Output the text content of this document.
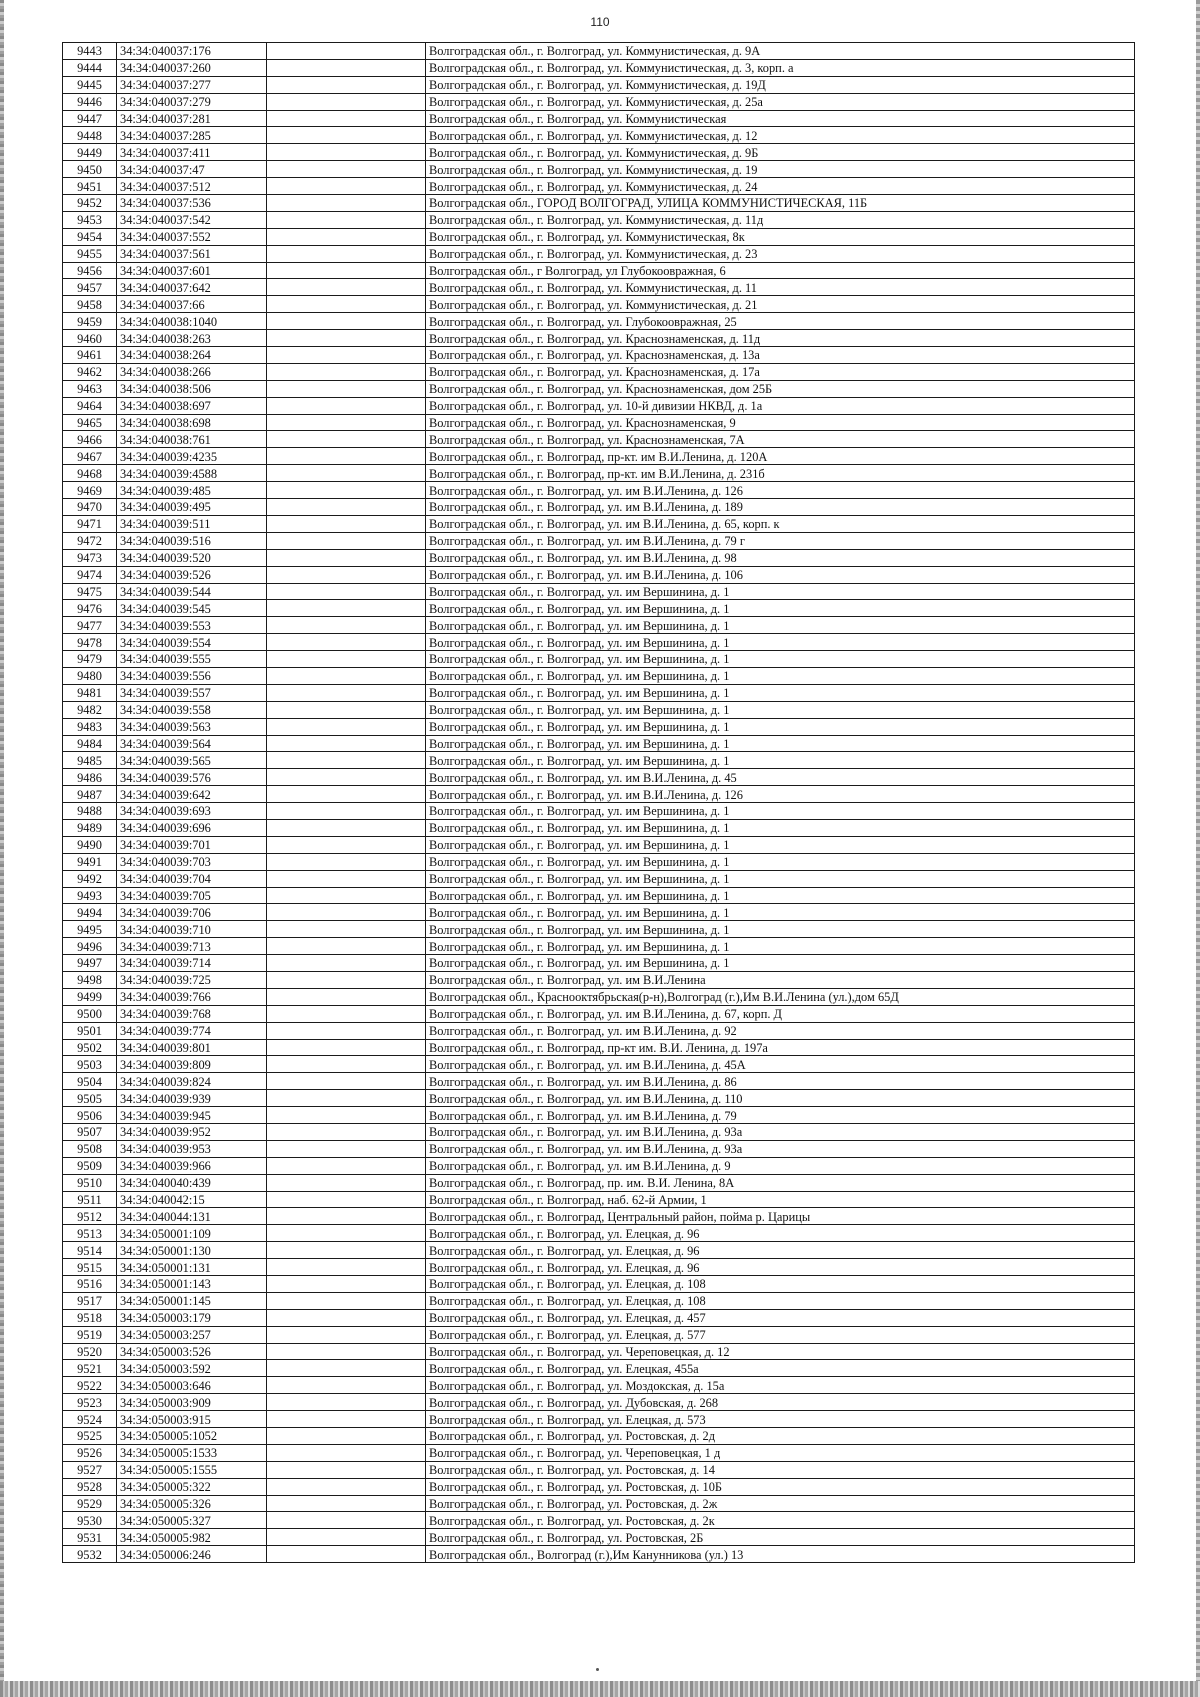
110
9443	34:34:040037:176		Волгоградская обл., г. Волгоград, ул. Коммунистическая, д. 9А
9444	34:34:040037:260		Волгоградская обл., г. Волгоград, ул. Коммунистическая, д. 3, корп. а
9445	34:34:040037:277		Волгоградская обл., г. Волгоград, ул. Коммунистическая, д. 19Д
9446	34:34:040037:279		Волгоградская обл., г. Волгоград, ул. Коммунистическая, д. 25а
9447	34:34:040037:281		Волгоградская обл., г. Волгоград, ул. Коммунистическая
9448	34:34:040037:285		Волгоградская обл., г. Волгоград, ул. Коммунистическая, д. 12
9449	34:34:040037:411		Волгоградская обл., г. Волгоград, ул. Коммунистическая, д. 9Б
9450	34:34:040037:47		Волгоградская обл., г. Волгоград, ул. Коммунистическая, д. 19
9451	34:34:040037:512		Волгоградская обл., г. Волгоград, ул. Коммунистическая, д. 24
9452	34:34:040037:536		Волгоградская обл., ГОРОД ВОЛГОГРАД, УЛИЦА КОММУНИСТИЧЕСКАЯ, 11Б
9453	34:34:040037:542		Волгоградская обл., г. Волгоград, ул. Коммунистическая, д. 11д
9454	34:34:040037:552		Волгоградская обл., г. Волгоград, ул. Коммунистическая, 8к
9455	34:34:040037:561		Волгоградская обл., г. Волгоград, ул. Коммунистическая, д. 23
9456	34:34:040037:601		Волгоградская обл., г Волгоград, ул Глубокоовражная, 6
9457	34:34:040037:642		Волгоградская обл., г. Волгоград, ул. Коммунистическая, д. 11
9458	34:34:040037:66		Волгоградская обл., г. Волгоград, ул. Коммунистическая, д. 21
9459	34:34:040038:1040		Волгоградская обл., г. Волгоград, ул. Глубокоовражная, 25
9460	34:34:040038:263		Волгоградская обл., г. Волгоград, ул. Краснознаменская, д. 11д
9461	34:34:040038:264		Волгоградская обл., г. Волгоград, ул. Краснознаменская, д. 13а
9462	34:34:040038:266		Волгоградская обл., г. Волгоград, ул. Краснознаменская, д. 17а
9463	34:34:040038:506		Волгоградская обл., г. Волгоград, ул. Краснознаменская, дом 25Б
9464	34:34:040038:697		Волгоградская обл., г. Волгоград, ул. 10-й дивизии НКВД, д. 1а
9465	34:34:040038:698		Волгоградская обл., г. Волгоград, ул. Краснознаменская, 9
9466	34:34:040038:761		Волгоградская обл., г. Волгоград, ул. Краснознаменская, 7А
9467	34:34:040039:4235		Волгоградская обл., г. Волгоград, пр-кт. им В.И.Ленина, д. 120А
9468	34:34:040039:4588		Волгоградская обл., г. Волгоград, пр-кт. им В.И.Ленина, д. 231б
9469	34:34:040039:485		Волгоградская обл., г. Волгоград, ул. им В.И.Ленина, д. 126
9470	34:34:040039:495		Волгоградская обл., г. Волгоград, ул. им В.И.Ленина, д. 189
9471	34:34:040039:511		Волгоградская обл., г. Волгоград, ул. им В.И.Ленина, д. 65, корп. к
9472	34:34:040039:516		Волгоградская обл., г. Волгоград, ул. им В.И.Ленина, д. 79 г
9473	34:34:040039:520		Волгоградская обл., г. Волгоград, ул. им В.И.Ленина, д. 98
9474	34:34:040039:526		Волгоградская обл., г. Волгоград, ул. им В.И.Ленина, д. 106
9475	34:34:040039:544		Волгоградская обл., г. Волгоград, ул. им Вершинина, д. 1
9476	34:34:040039:545		Волгоградская обл., г. Волгоград, ул. им Вершинина, д. 1
9477	34:34:040039:553		Волгоградская обл., г. Волгоград, ул. им Вершинина, д. 1
9478	34:34:040039:554		Волгоградская обл., г. Волгоград, ул. им Вершинина, д. 1
9479	34:34:040039:555		Волгоградская обл., г. Волгоград, ул. им Вершинина, д. 1
9480	34:34:040039:556		Волгоградская обл., г. Волгоград, ул. им Вершинина, д. 1
9481	34:34:040039:557		Волгоградская обл., г. Волгоград, ул. им Вершинина, д. 1
9482	34:34:040039:558		Волгоградская обл., г. Волгоград, ул. им Вершинина, д. 1
9483	34:34:040039:563		Волгоградская обл., г. Волгоград, ул. им Вершинина, д. 1
9484	34:34:040039:564		Волгоградская обл., г. Волгоград, ул. им Вершинина, д. 1
9485	34:34:040039:565		Волгоградская обл., г. Волгоград, ул. им Вершинина, д. 1
9486	34:34:040039:576		Волгоградская обл., г. Волгоград, ул. им В.И.Ленина, д. 45
9487	34:34:040039:642		Волгоградская обл., г. Волгоград, ул. им В.И.Ленина, д. 126
9488	34:34:040039:693		Волгоградская обл., г. Волгоград, ул. им Вершинина, д. 1
9489	34:34:040039:696		Волгоградская обл., г. Волгоград, ул. им Вершинина, д. 1
9490	34:34:040039:701		Волгоградская обл., г. Волгоград, ул. им Вершинина, д. 1
9491	34:34:040039:703		Волгоградская обл., г. Волгоград, ул. им Вершинина, д. 1
9492	34:34:040039:704		Волгоградская обл., г. Волгоград, ул. им Вершинина, д. 1
9493	34:34:040039:705		Волгоградская обл., г. Волгоград, ул. им Вершинина, д. 1
9494	34:34:040039:706		Волгоградская обл., г. Волгоград, ул. им Вершинина, д. 1
9495	34:34:040039:710		Волгоградская обл., г. Волгоград, ул. им Вершинина, д. 1
9496	34:34:040039:713		Волгоградская обл., г. Волгоград, ул. им Вершинина, д. 1
9497	34:34:040039:714		Волгоградская обл., г. Волгоград, ул. им Вершинина, д. 1
9498	34:34:040039:725		Волгоградская обл., г. Волгоград, ул. им В.И.Ленина
9499	34:34:040039:766		Волгоградская обл., Краснооктябрьская(р-н),Волгоград (г.),Им В.И.Ленина (ул.),дом 65Д
9500	34:34:040039:768		Волгоградская обл., г. Волгоград, ул. им В.И.Ленина, д. 67, корп. Д
9501	34:34:040039:774		Волгоградская обл., г. Волгоград, ул. им В.И.Ленина, д. 92
9502	34:34:040039:801		Волгоградская обл., г. Волгоград, пр-кт им. В.И. Ленина, д. 197а
9503	34:34:040039:809		Волгоградская обл., г. Волгоград, ул. им В.И.Ленина, д. 45А
9504	34:34:040039:824		Волгоградская обл., г. Волгоград, ул. им В.И.Ленина, д. 86
9505	34:34:040039:939		Волгоградская обл., г. Волгоград, ул. им В.И.Ленина, д. 110
9506	34:34:040039:945		Волгоградская обл., г. Волгоград, ул. им В.И.Ленина, д. 79
9507	34:34:040039:952		Волгоградская обл., г. Волгоград, ул. им В.И.Ленина, д. 93а
9508	34:34:040039:953		Волгоградская обл., г. Волгоград, ул. им В.И.Ленина, д. 93а
9509	34:34:040039:966		Волгоградская обл., г. Волгоград, ул. им В.И.Ленина, д. 9
9510	34:34:040040:439		Волгоградская обл., г. Волгоград, пр. им. В.И. Ленина, 8А
9511	34:34:040042:15		Волгоградская обл., г. Волгоград, наб. 62-й Армии, 1
9512	34:34:040044:131		Волгоградская обл., г. Волгоград, Центральный район, пойма р. Царицы
9513	34:34:050001:109		Волгоградская обл., г. Волгоград, ул. Елецкая, д. 96
9514	34:34:050001:130		Волгоградская обл., г. Волгоград, ул. Елецкая, д. 96
9515	34:34:050001:131		Волгоградская обл., г. Волгоград, ул. Елецкая, д. 96
9516	34:34:050001:143		Волгоградская обл., г. Волгоград, ул. Елецкая, д. 108
9517	34:34:050001:145		Волгоградская обл., г. Волгоград, ул. Елецкая, д. 108
9518	34:34:050003:179		Волгоградская обл., г. Волгоград, ул. Елецкая, д. 457
9519	34:34:050003:257		Волгоградская обл., г. Волгоград, ул. Елецкая, д. 577
9520	34:34:050003:526		Волгоградская обл., г. Волгоград, ул. Череповецкая, д. 12
9521	34:34:050003:592		Волгоградская обл., г. Волгоград, ул. Елецкая, 455а
9522	34:34:050003:646		Волгоградская обл., г. Волгоград, ул. Моздокская, д. 15а
9523	34:34:050003:909		Волгоградская обл., г. Волгоград, ул. Дубовская, д. 268
9524	34:34:050003:915		Волгоградская обл., г. Волгоград, ул. Елецкая, д. 573
9525	34:34:050005:1052		Волгоградская обл., г. Волгоград, ул. Ростовская, д. 2д
9526	34:34:050005:1533		Волгоградская обл., г. Волгоград, ул. Череповецкая, 1 д
9527	34:34:050005:1555		Волгоградская обл., г. Волгоград, ул. Ростовская, д. 14
9528	34:34:050005:322		Волгоградская обл., г. Волгоград, ул. Ростовская, д. 10Б
9529	34:34:050005:326		Волгоградская обл., г. Волгоград, ул. Ростовская, д. 2ж
9530	34:34:050005:327		Волгоградская обл., г. Волгоград, ул. Ростовская, д. 2к
9531	34:34:050005:982		Волгоградская обл., г. Волгоград, ул. Ростовская, 2Б
9532	34:34:050006:246		Волгоградская обл., Волгоград (г.),Им Канунникова (ул.) 13
